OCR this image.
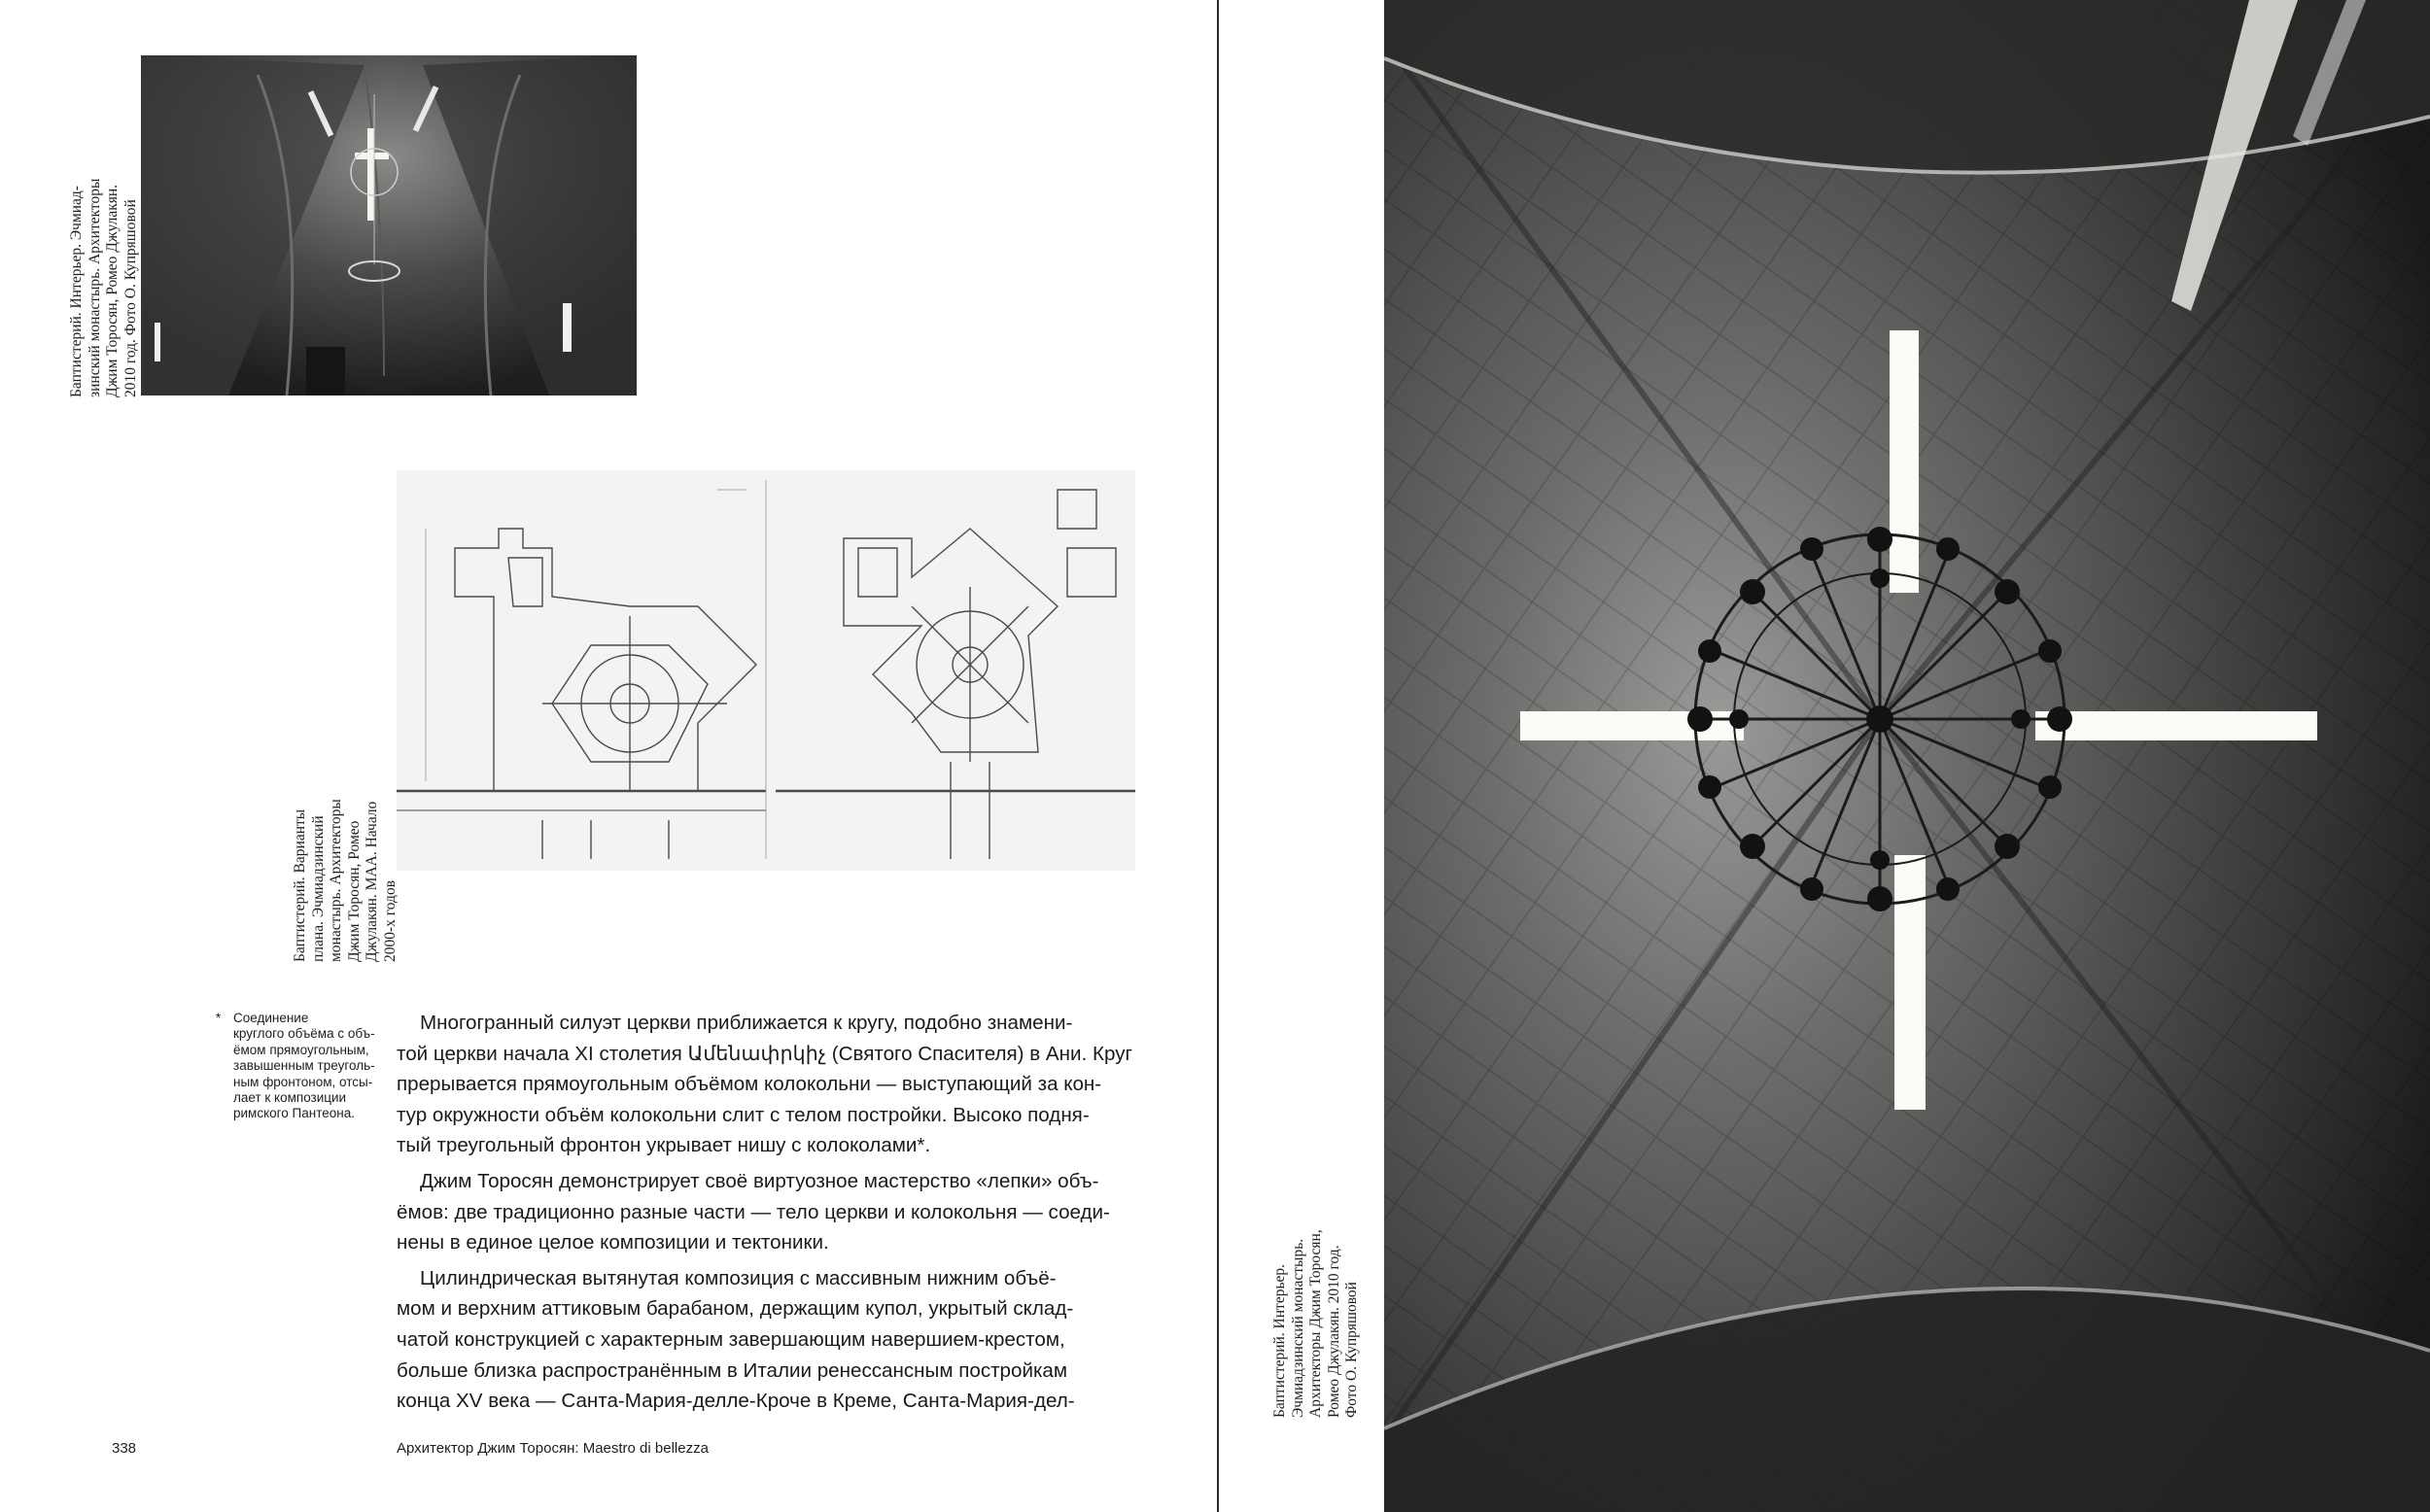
Баптистерий. Интерьер. Эчмиад- зинский монастырь. Архитекторы Джим Торосян, Ромео Джулакян. 2010 год. Фото О. Купряшовой
Баптистерий. Варианты плана. Эчмиадзинский монастырь. Архитекторы Джим Торосян, Ромео Джулакян. МАА. Начало 2000-х годов
* Соединение
круглого объёма с объ-
ёмом прямоугольным,
завышенным треуголь-
ным фронтоном, отсы-
лает к композиции
римского Пантеона.

Многогранный силуэт церкви приближается к кругу, подобно знамени-
той церкви начала XI столетия Ամենափրկիչ (Святого Спасителя) в Ани. Круг
прерывается прямоугольным объёмом колокольни — выступающий за кон-
тур окружности объём колокольни слит с телом постройки. Высоко подня-
тый треугольный фронтон укрывает нишу с колоколами*.

Джим Торосян демонстрирует своё виртуозное мастерство «лепки» объ-
ёмов: две традиционно разные части — тело церкви и колокольня — соеди-
нены в единое целое композиции и тектоники.

Цилиндрическая вытянутая композиция с массивным нижним объё-
мом и верхним аттиковым барабаном, держащим купол, укрытый склад-
чатой конструкцией с характерным завершающим навершием-крестом,
больше близка распространённым в Италии ренессансным постройкам
конца XV века — Санта-Мария-делле-Кроче в Креме, Санта-Мария-дел-

338	Архитектор Джим Торосян: Maestro di bellezza
Баптистерий. Интерьер. Эчмиадзинский монастырь. Архитекторы Джим Торосян, Ромео Джулакян. 2010 год. Фото О. Купряшовой
